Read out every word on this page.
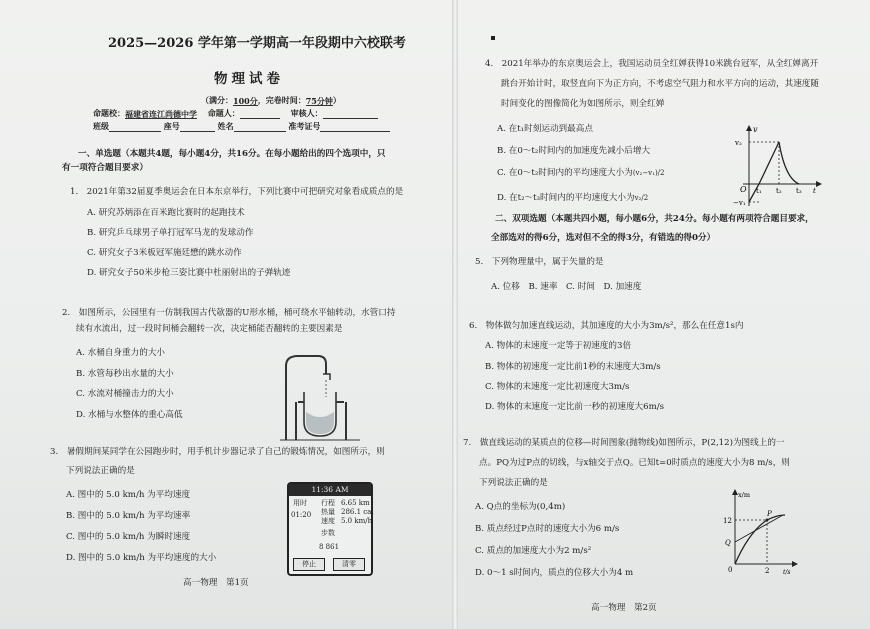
2025—2026 学年第一学期高一年段期中六校联考
物理试卷
（满分：100分，完卷时间：75分钟）
命题校：福建省连江尚德中学 命题人：	审核人：
班级	座号	姓名	准考证号
一、单选题（本题共4题，每小题4分，共16分。在每小题给出的四个选项中，只
有一项符合题目要求）
1.　2021年第32届夏季奥运会在日本东京举行，下列比赛中可把研究对象看成质点的是
A. 研究苏炳添在百米跑比赛时的起跑技术
B. 研究乒乓球男子单打冠军马龙的发球动作
C. 研究女子3米板冠军施廷懋的跳水动作
D. 研究女子50米步枪三姿比赛中杜丽射出的子弹轨迹
2.　如图所示，公园里有一仿制我国古代欹器的U形水桶，桶可绕水平轴转动，水管口持
续有水流出，过一段时间桶会翻转一次，决定桶能否翻转的主要因素是
A. 水桶自身重力的大小
B. 水管每秒出水量的大小
C. 水流对桶撞击力的大小
D. 水桶与水整体的重心高低
3.　暑假期间某同学在公园跑步时，用手机计步器记录了自己的锻炼情况，如图所示，则
下列说法正确的是
A. 图中的 5.0 km/h 为平均速度
B. 图中的 5.0 km/h 为平均速率
C. 图中的 5.0 km/h 为瞬时速度
D. 图中的 5.0 km/h 为平均速度的大小
11:36 AM
用时
01:20
行程 6.65 km
热量 286.1 cal
速度 5.0 km/h
步数
8 861
停止	清零
高一物理　第1页
4.　2021年举办的东京奥运会上，我国运动员全红婵获得10米跳台冠军，从全红婵离开
跳台开始计时，取竖直向下为正方向，不考虑空气阻力和水平方向的运动，其速度随
时间变化的图像简化为如图所示，则全红婵
A. 在t₁时刻运动到最高点
B. 在0～t₂时间内的加速度先减小后增大
C. 在0～t₂时间内的平均速度大小为(v₂−v₁)/2
D. 在t₂～t₃时间内的平均速度大小为v₂/2
v
v₂
−v₁
O t₁ t₂ t₃ t
二、双项选题（本题共四小题，每小题6分，共24分。每小题有两项符合题目要求，
全部选对的得6分，选对但不全的得3分，有错选的得0分）
5.　下列物理量中，属于矢量的是
A. 位移　B. 速率　C. 时间　D. 加速度
6.　物体做匀加速直线运动，其加速度的大小为3m/s²，那么在任意1s内
A. 物体的末速度一定等于初速度的3倍
B. 物体的初速度一定比前1秒的末速度大3m/s
C. 物体的末速度一定比初速度大3m/s
D. 物体的末速度一定比前一秒的初速度大6m/s
7.　做直线运动的某质点的位移—时间图象(抛物线)如图所示，P(2,12)为图线上的一
点。PQ为过P点的切线，与x轴交于点Q。已知t=0时质点的速度大小为8 m/s，则
下列说法正确的是
A. Q点的坐标为(0,4m)
B. 质点经过P点时的速度大小为6 m/s
C. 质点的加速度大小为2 m/s²
D. 0～1 s时间内，质点的位移大小为4 m
x/m
12
Q
P
0	2 t/s
高一物理　第2页
